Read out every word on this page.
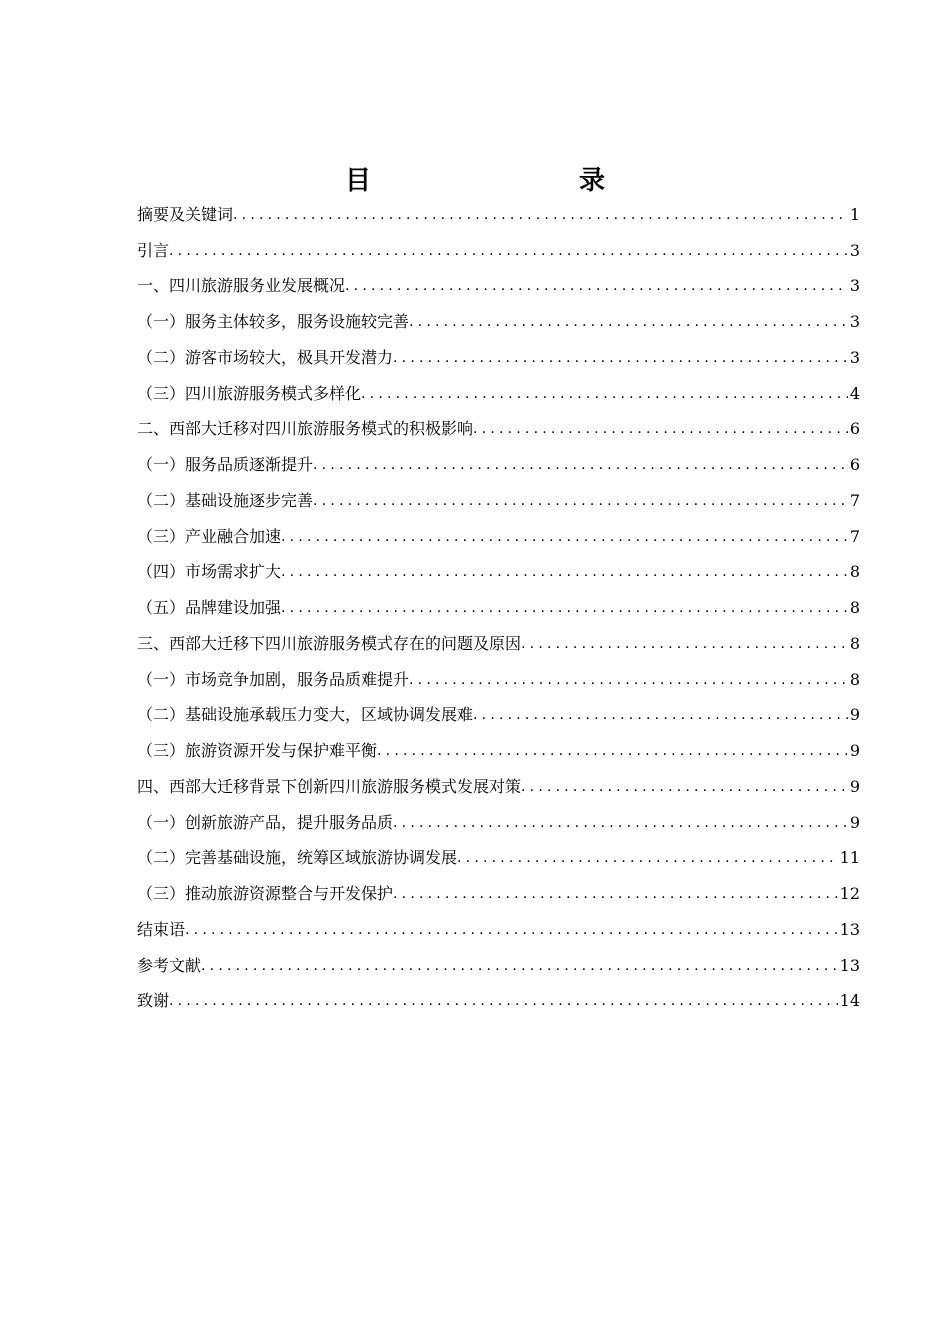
目　　录
摘要及关键词 .....	1
引言 .....	3
一、四川旅游服务业发展概况 .....	3
（一）服务主体较多，服务设施较完善 .....	3
（二）游客市场较大，极具开发潜力 .....	3
（三）四川旅游服务模式多样化 .....	4
二、西部大迁移对四川旅游服务模式的积极影响 .....	6
（一）服务品质逐渐提升 .....	6
（二）基础设施逐步完善 .....	7
（三）产业融合加速 .....	7
（四）市场需求扩大 .....	8
（五）品牌建设加强 .....	8
三、西部大迁移下四川旅游服务模式存在的问题及原因 .....	8
（一）市场竞争加剧，服务品质难提升 .....	8
（二）基础设施承载压力变大，区域协调发展难 .....	9
（三）旅游资源开发与保护难平衡 .....	9
四、西部大迁移背景下创新四川旅游服务模式发展对策 .....	9
（一）创新旅游产品，提升服务品质 .....	9
（二）完善基础设施，统筹区域旅游协调发展 .....	11
（三）推动旅游资源整合与开发保护 .....	12
结束语 .....	13
参考文献 .....	13
致谢 .....	14
